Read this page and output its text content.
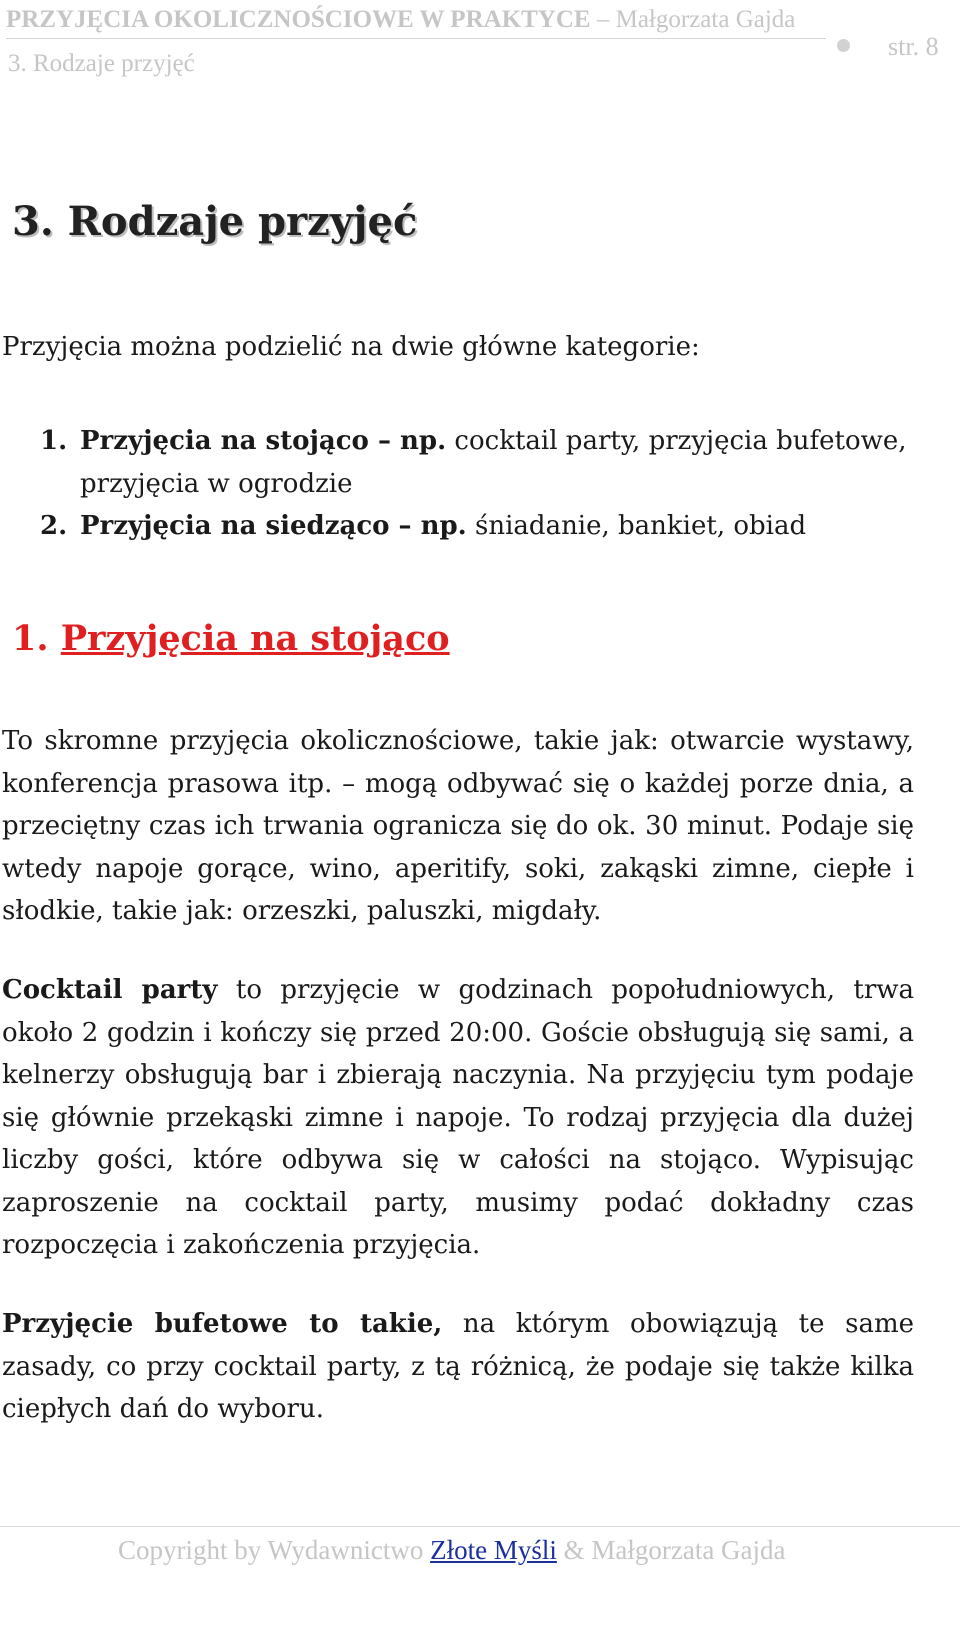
PRZYJĘCIA OKOLICZNOŚCIOWE W PRAKTYCE – Małgorzata Gajda
3. Rodzaje przyjęć
str. 8
3. Rodzaje przyjęć

Przyjęcia można podzielić na dwie główne kategorie:

1. Przyjęcia na stojąco – np. cocktail party, przyjęcia bufetowe, przyjęcia w ogrodzie
2. Przyjęcia na siedząco – np. śniadanie, bankiet, obiad
1. Przyjęcia na stojąco

To skromne przyjęcia okolicznościowe, takie jak: otwarcie wystawy, konferencja prasowa itp. – mogą odbywać się o każdej porze dnia, a przeciętny czas ich trwania ogranicza się do ok. 30 minut. Podaje się wtedy napoje gorące, wino, aperitify, soki, zakąski zimne, ciepłe i słodkie, takie jak: orzeszki, paluszki, migdały.

Cocktail party to przyjęcie w godzinach popołudniowych, trwa około 2 godzin i kończy się przed 20:00. Goście obsługują się sami, a kelnerzy obsługują bar i zbierają naczynia. Na przyjęciu tym podaje się głównie przekąski zimne i napoje. To rodzaj przyjęcia dla dużej liczby gości, które odbywa się w całości na stojąco. Wypisując zaproszenie na cocktail party, musimy podać dokładny czas rozpoczęcia i zakończenia przyjęcia.

Przyjęcie bufetowe to takie, na którym obowiązują te same zasady, co przy cocktail party, z tą różnicą, że podaje się także kilka ciepłych dań do wyboru.

Copyright by Wydawnictwo Złote Myśli & Małgorzata Gajda
